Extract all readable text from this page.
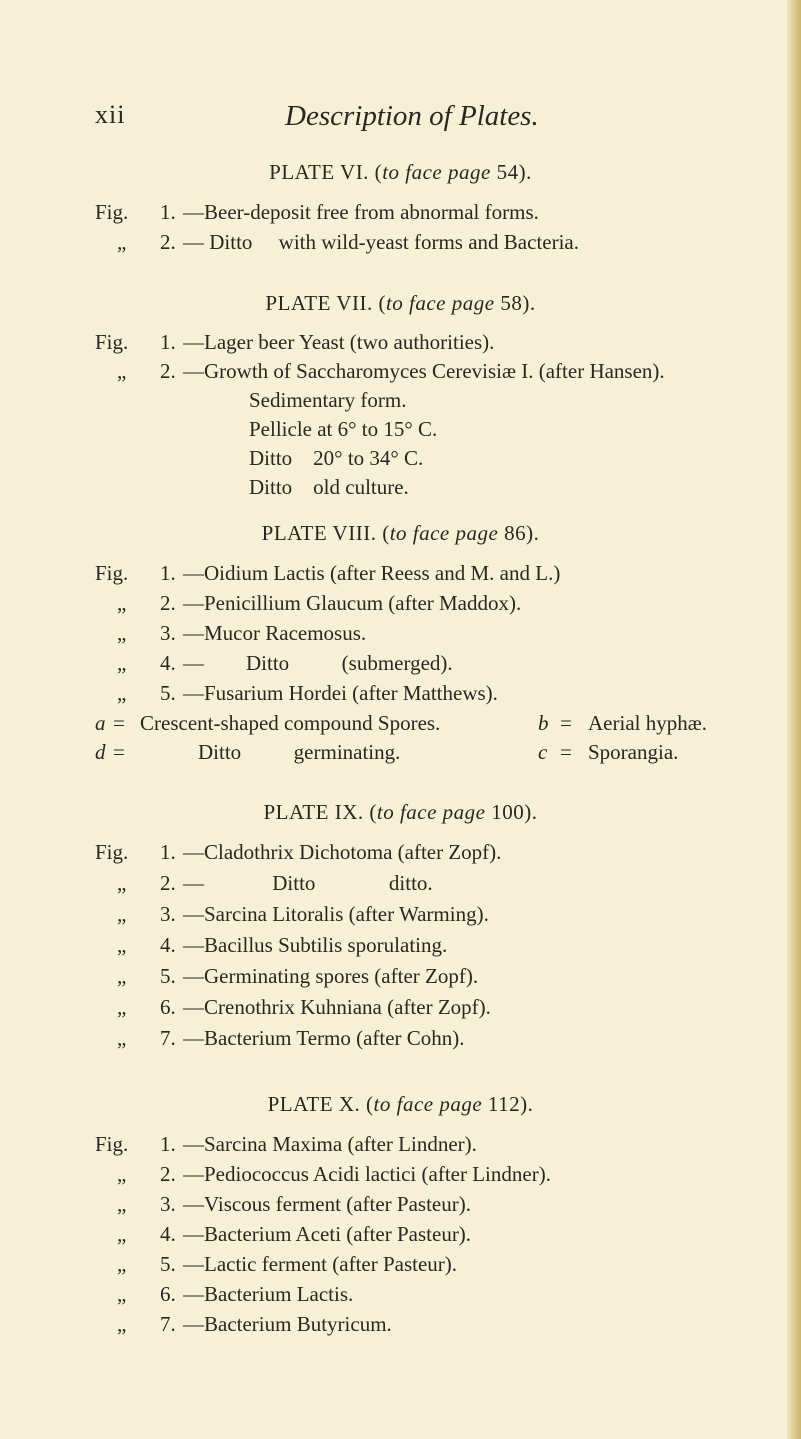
xii	Description of Plates.
PLATE VI. (to face page 54).
Fig. 1. —Beer-deposit free from abnormal forms.
„ 2. — Ditto     with wild-yeast forms and Bacteria.
PLATE VII. (to face page 58).
Fig. 1. —Lager beer Yeast (two authorities).
„ 2. —Growth of Saccharomyces Cerevisiæ I. (after Hansen).
Sedimentary form.
Pellicle at 6° to 15° C.
Ditto    20° to 34° C.
Ditto    old culture.
PLATE VIII. (to face page 86).
Fig. 1. —Oidium Lactis (after Reess and M. and L.)
„ 2. —Penicillium Glaucum (after Maddox).
„ 3. —Mucor Racemosus.
„ 4. —        Ditto          (submerged).
„ 5. —Fusarium Hordei (after Matthews).
a = Crescent-shaped compound Spores.	b = Aerial hyphæ.
d =	Ditto          germinating.	c = Sporangia.
PLATE IX. (to face page 100).
Fig. 1. —Cladothrix Dichotoma (after Zopf).
„ 2. —             Ditto              ditto.
„ 3. —Sarcina Litoralis (after Warming).
„ 4. —Bacillus Subtilis sporulating.
„ 5. —Germinating spores (after Zopf).
„ 6. —Crenothrix Kuhniana (after Zopf).
„ 7. —Bacterium Termo (after Cohn).
PLATE X. (to face page 112).
Fig. 1. —Sarcina Maxima (after Lindner).
„ 2. —Pediococcus Acidi lactici (after Lindner).
„ 3. —Viscous ferment (after Pasteur).
„ 4. —Bacterium Aceti (after Pasteur).
„ 5. —Lactic ferment (after Pasteur).
„ 6. —Bacterium Lactis.
„ 7. —Bacterium Butyricum.
